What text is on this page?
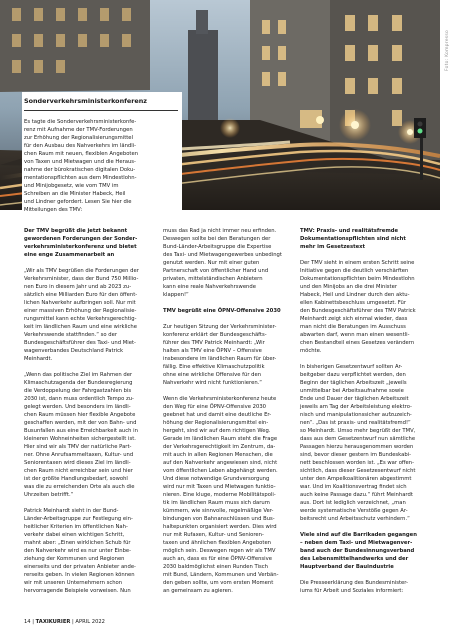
Foto: Kompresso
Sonderverkehrsministerkonferenz

Es tagte die Sonderverkehrsministerkonfe-

renz mit Aufnahme der TMV-Forderungen

zur Erhöhung der Regionalisierungsmittel

für den Ausbau des Nahverkehrs im ländli-

chen Raum mit neuen, flexiblen Angeboten

von Taxen und Mietwagen und die Heraus-

nahme der bürokratischen digitalen Doku-

mentationspflichten aus dem Mindestlohn-

und Minijobgesetz, wie vom TMV im

Schreiben an die Minister Habeck, Heil

und Lindner gefordert. Lesen Sie hier die

Mitteilungen des TMV:

Der TMV begrüßt die jetzt bekannt

gewordenen Forderungen der Sonder-

verkehrsministerkonferenz und bietet

eine enge Zusammenarbeit an

„Wir als TMV begrüßen die Forderungen der

Verkehrsminister, dass der Bund 750 Millio-

nen Euro in diesem Jahr und ab 2023 zu-

sätzlich eine Milliarden Euro für den öffent-

lichen Nahverkehr aufbringen soll. Nur mit

einer massiven Erhöhung der Regionalisie-

rungsmittel kann echte Verkehrsgerechtig-

keit im ländlichen Raum und eine wirkliche

Verkehrswende stattfinden.“ so der

Bundesgeschäftsführer des Taxi- und Miet-

wagenverbandes Deutschland Patrick

Meinhardt.

„Wenn das politische Ziel im Rahmen der

Klimaschutzagenda der Bundesregierung

die Verdoppelung der Fahrgastzahlen bis

2030 ist, dann muss ordentlich Tempo zu-

gelegt werden. Und besonders im ländli-

chen Raum müssen hier flexible Angebote

geschaffen werden, mit der von Bahn- und

Busunfallen aus eine Erreichbarkeit auch in

kleineren Wohneinheiten sichergestellt ist.

Hier sind wir als TMV der natürliche Part-

ner. Ohne Anrufsammeltaxen, Kultur- und

Seniorentaxen wird dieses Ziel im ländli-

chen Raum nicht erreichbar sein und hier

ist der größte Handlungsbedarf, sowohl

was die zu erreichenden Orte als auch die

Uhrzeiten betrifft.“

Patrick Meinhardt sieht in der Bund-

Länder-Arbeitsgruppe zur Festlegung ein-

heitlicher Kriterien im öffentlichen Nah-

verkehr dabei einen wichtigen Schritt,

mahnt aber: „Einen wirklichen Schub für

den Nahverkehr wird es nur unter Einbe-

ziehung der Kommunen und Regionen

einerseits und der privaten Anbieter ande-

rerseits geben. In vielen Regionen können

wir mit unseren Unternehmern schon

hervorragende Beispiele vorweisen. Nun

muss das Rad ja nicht immer neu erfinden.

Deswegen sollte bei den Beratungen der

Bund-Länder-Arbeitsgruppe die Expertise

des Taxi- und Mietwagengewerbes unbedingt

genutzt werden. Nur mit einer guten

Partnerschaft von öffentlicher Hand und

privaten, mittelständischen Anbietern

kann eine reale Nahverkehrswende

klappen!“

TMV begrüßt eine ÖPNV-Offensive 2030

Zur heutigen Sitzung der Verkehrsminister-

konferenz erklärt der Bundesgeschäfts-

führer des TMV Patrick Meinhardt: „Wir

halten als TMV eine ÖPNV – Offensive

insbesondere im ländlichen Raum für über-

fällig. Eine effektive Klimaschutzpolitik

ohne eine wirkliche Offensive für den

Nahverkehr wird nicht funktionieren.“

Wenn die Verkehrsministerkonferenz heute

den Weg für eine ÖPNV-Offensive 2030

geebnet hat und damit eine deutliche Er-

höhung der Regionalisierungsmittel ein-

hergeht, sind wir auf dem richtigen Weg.

Gerade im ländlichen Raum steht die Frage

der Verkehrsgerechtigkeit im Zentrum, da-

mit auch in allen Regionen Menschen, die

auf den Nahverkehr angewiesen sind, nicht

vom öffentlichen Leben abgehängt werden.

Und diese notwendige Grundversorgung

wird nur mit Taxen und Mietwagen funktio-

nieren. Eine kluge, moderne Mobilitätspoli-

tik im ländlichen Raum muss sich darum

kümmern, wie sinnvolle, regelmäßige Ver-

bindungen von Bahnanschlüssen und Bus-

haltepunkten organisiert werden. Dies wird

nur mit Rufaxen, Kultur- und Senioren-

taxen und ähnlichen flexiblen Angeboten

möglich sein. Deswegen regen wir als TMV

auch an, dass es für eine ÖPNV-Offensive

2030 baldmöglichst einen Runden Tisch

mit Bund, Ländern, Kommunen und Verbän-

den geben sollte, um vom ersten Moment

an gemeinsam zu agieren.

TMV: Praxis- und realitätsfremde

Dokumentationspflichten sind nicht

mehr im Gesetzestext

Der TMV sieht in einem ersten Schritt seine

Initiative gegen die deutlich verschärften

Dokumentationspflichten beim Mindestlohn

und den Minijobs an die drei Minister

Habeck, Heil und Lindner durch den aktu-

ellen Kabinettsbeschluss umgesetzt. Für

den Bundesgeschäftsführer des TMV Patrick

Meinhardt zeigt sich einmal wieder, dass

man nicht die Beratungen im Ausschuss

abwarten darf, wenn man einen wesentli-

chen Bestandteil eines Gesetzes verändern

möchte.

In bisherigen Gesetzentwurf sollten Ar-

beitgeber dazu verpflichtet werden, den

Beginn der täglichen Arbeitszeit „jeweils

unmittelbar bei Arbeitsaufnahme sowie

Ende und Dauer der täglichen Arbeitszeit

jeweils am Tag der Arbeitsleistung elektro-

nisch und manipulationssicher aufzuzeich-

nen“. „Das ist praxis- und realitätsfremd!“

so Meinhardt. Umso mehr begrüßt der TMV,

dass aus dem Gesetzentwurf nun sämtliche

Passagen hierzu herausgenommen worden

sind, bevor dieser gestern im Bundeskabi-

nett beschlossen worden ist. „Es war offen-

sichtlich, dass dieser Gesetzesentwurf nicht

unter den Ampelkoalitionären abgestimmt

war. Und im Koalitionsvertrag findet sich

auch keine Passage dazu.“ führt Meinhardt

aus. Dort ist lediglich verzeichnet, „man

werde systematische Verstöße gegen Ar-

beitsrecht und Arbeitsschutz verhindern.“

Viele sind auf die Barrikaden gegangen

– neben dem Taxi- und Mietwagenver-

band auch der Bundesinnungsverband

des Lebensmittelhandwerks und der

Hauptverband der Bauindustrie

Die Presseerklärung des Bundesminister-

iums für Arbeit und Soziales informiert:

14 | TAXIKURIER | APRIL 2022
